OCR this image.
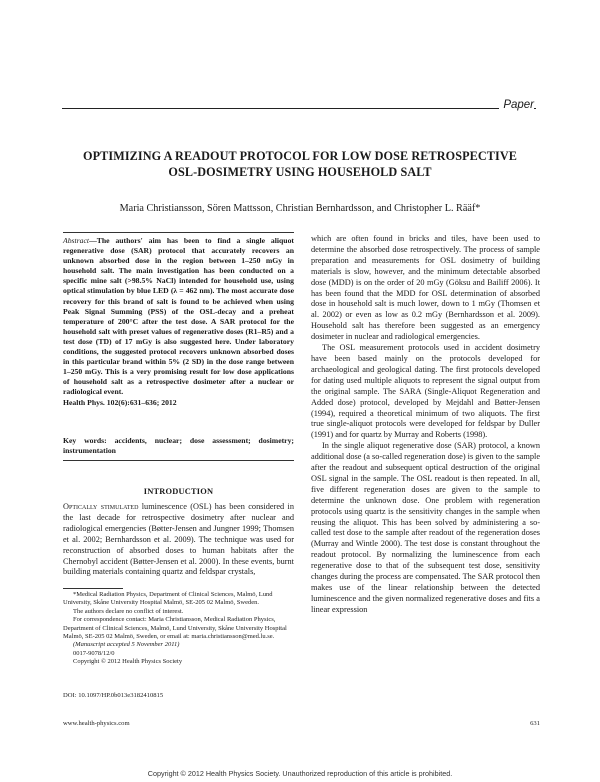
Paper
OPTIMIZING A READOUT PROTOCOL FOR LOW DOSE RETROSPECTIVE
OSL-DOSIMETRY USING HOUSEHOLD SALT
Maria Christiansson, Sören Mattsson, Christian Bernhardsson, and Christopher L. Rääf*
Abstract—The authors' aim has been to find a single aliquot regenerative dose (SAR) protocol that accurately recovers an unknown absorbed dose in the region between 1–250 mGy in household salt. The main investigation has been conducted on a specific mine salt (>98.5% NaCl) intended for household use, using optical stimulation by blue LED (λ = 462 nm). The most accurate dose recovery for this brand of salt is found to be achieved when using Peak Signal Summing (PSS) of the OSL-decay and a preheat temperature of 200°C after the test dose. A SAR protocol for the household salt with preset values of regenerative doses (R1–R5) and a test dose (TD) of 17 mGy is also suggested here. Under laboratory conditions, the suggested protocol recovers unknown absorbed doses in this particular brand within 5% (2 SD) in the dose range between 1–250 mGy. This is a very promising result for low dose applications of household salt as a retrospective dosimeter after a nuclear or radiological event.
Health Phys. 102(6):631–636; 2012
Key words: accidents, nuclear; dose assessment; dosimetry; instrumentation
INTRODUCTION
Optically stimulated luminescence (OSL) has been considered in the last decade for retrospective dosimetry after nuclear and radiological emergencies (Bøtter-Jensen and Jungner 1999; Thomsen et al. 2002; Bernhardsson et al. 2009). The technique was used for reconstruction of absorbed doses to human habitats after the Chernobyl accident (Bøtter-Jensen et al. 2000). In these events, burnt building materials containing quartz and feldspar crystals,

*Medical Radiation Physics, Department of Clinical Sciences, Malmö, Lund University, Skåne University Hospital Malmö, SE-205 02 Malmö, Sweden.

The authors declare no conflict of interest.

For correspondence contact: Maria Christiansson, Medical Radiation Physics, Department of Clinical Sciences, Malmö, Lund University, Skåne University Hospital Malmö, SE-205 02 Malmö, Sweden, or email at: maria.christiansson@med.lu.se.

(Manuscript accepted 5 November 2011)

0017-9078/12/0

Copyright © 2012 Health Physics Society

DOI: 10.1097/HP.0b013e3182410815

which are often found in bricks and tiles, have been used to determine the absorbed dose retrospectively. The process of sample preparation and measurements for OSL dosimetry of building materials is slow, however, and the minimum detectable absorbed dose (MDD) is on the order of 20 mGy (Göksu and Bailiff 2006). It has been found that the MDD for OSL determination of absorbed dose in household salt is much lower, down to 1 mGy (Thomsen et al. 2002) or even as low as 0.2 mGy (Bernhardsson et al. 2009). Household salt has therefore been suggested as an emergency dosimeter in nuclear and radiological emergencies.

The OSL measurement protocols used in accident dosimetry have been based mainly on the protocols developed for archaeological and geological dating. The first protocols developed for dating used multiple aliquots to represent the signal output from the original sample. The SARA (Single-Aliquot Regeneration and Added dose) protocol, developed by Mejdahl and Bøtter-Jensen (1994), required a theoretical minimum of two aliquots. The first true single-aliquot protocols were developed for feldspar by Duller (1991) and for quartz by Murray and Roberts (1998).

In the single aliquot regenerative dose (SAR) protocol, a known additional dose (a so-called regeneration dose) is given to the sample after the readout and subsequent optical destruction of the original OSL signal in the sample. The OSL readout is then repeated. In all, five different regeneration doses are given to the sample to determine the unknown dose. One problem with regeneration protocols using quartz is the sensitivity changes in the sample when reusing the aliquot. This has been solved by administering a so-called test dose to the sample after readout of the regeneration doses (Murray and Wintle 2000). The test dose is constant throughout the readout protocol. By normalizing the luminescence from each regenerative dose to that of the subsequent test dose, sensitivity changes during the process are compensated. The SAR protocol then makes use of the linear relationship between the detected luminescence and the given normalized regenerative doses and fits a linear expression

www.health-physics.com	631
Copyright © 2012 Health Physics Society. Unauthorized reproduction of this article is prohibited.
